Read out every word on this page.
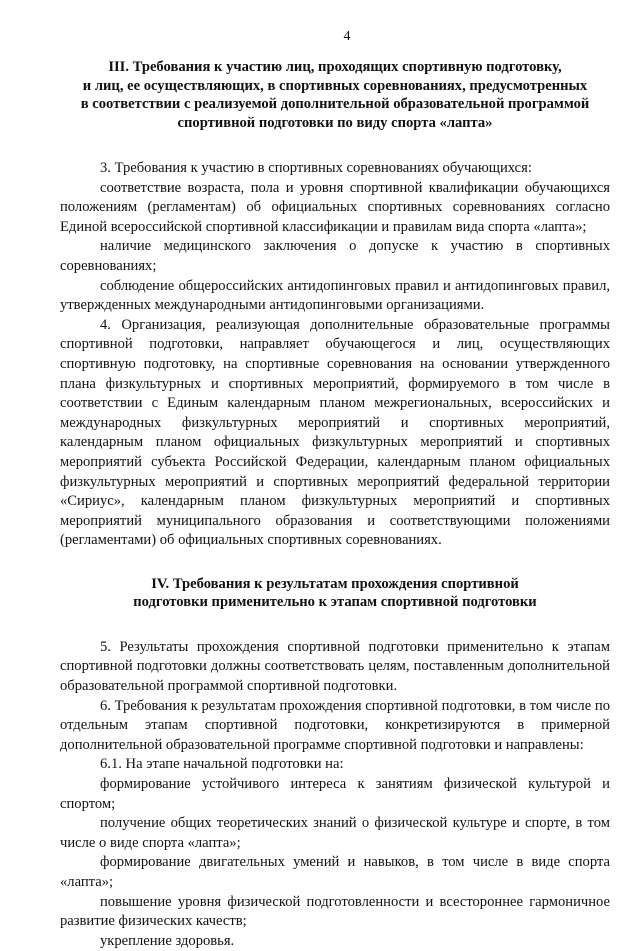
4
III. Требования к участию лиц, проходящих спортивную подготовку,
и лиц, ее осуществляющих, в спортивных соревнованиях, предусмотренных
в соответствии с реализуемой дополнительной образовательной программой
спортивной подготовки по виду спорта «лапта»

3. Требования к участию в спортивных соревнованиях обучающихся:

соответствие возраста, пола и уровня спортивной квалификации обучающихся положениям (регламентам) об официальных спортивных соревнованиях согласно Единой всероссийской спортивной классификации и правилам вида спорта «лапта»;

наличие медицинского заключения о допуске к участию в спортивных соревнованиях;

соблюдение общероссийских антидопинговых правил и антидопинговых правил, утвержденных международными антидопинговыми организациями.

4. Организация, реализующая дополнительные образовательные программы спортивной подготовки, направляет обучающегося и лиц, осуществляющих спортивную подготовку, на спортивные соревнования на основании утвержденного плана физкультурных и спортивных мероприятий, формируемого в том числе в соответствии с Единым календарным планом межрегиональных, всероссийских и международных физкультурных мероприятий и спортивных мероприятий, календарным планом официальных физкультурных мероприятий и спортивных мероприятий субъекта Российской Федерации, календарным планом официальных физкультурных мероприятий и спортивных мероприятий федеральной территории «Сириус», календарным планом физкультурных мероприятий и спортивных мероприятий муниципального образования и соответствующими положениями (регламентами) об официальных спортивных соревнованиях.

IV. Требования к результатам прохождения спортивной
подготовки применительно к этапам спортивной подготовки

5. Результаты прохождения спортивной подготовки применительно к этапам спортивной подготовки должны соответствовать целям, поставленным дополнительной образовательной программой спортивной подготовки.

6. Требования к результатам прохождения спортивной подготовки, в том числе по отдельным этапам спортивной подготовки, конкретизируются в примерной дополнительной образовательной программе спортивной подготовки и направлены:

6.1. На этапе начальной подготовки на:

формирование устойчивого интереса к занятиям физической культурой и спортом;

получение общих теоретических знаний о физической культуре и спорте, в том числе о виде спорта «лапта»;

формирование двигательных умений и навыков, в том числе в виде спорта «лапта»;

повышение уровня физической подготовленности и всестороннее гармоничное развитие физических качеств;

укрепление здоровья.
